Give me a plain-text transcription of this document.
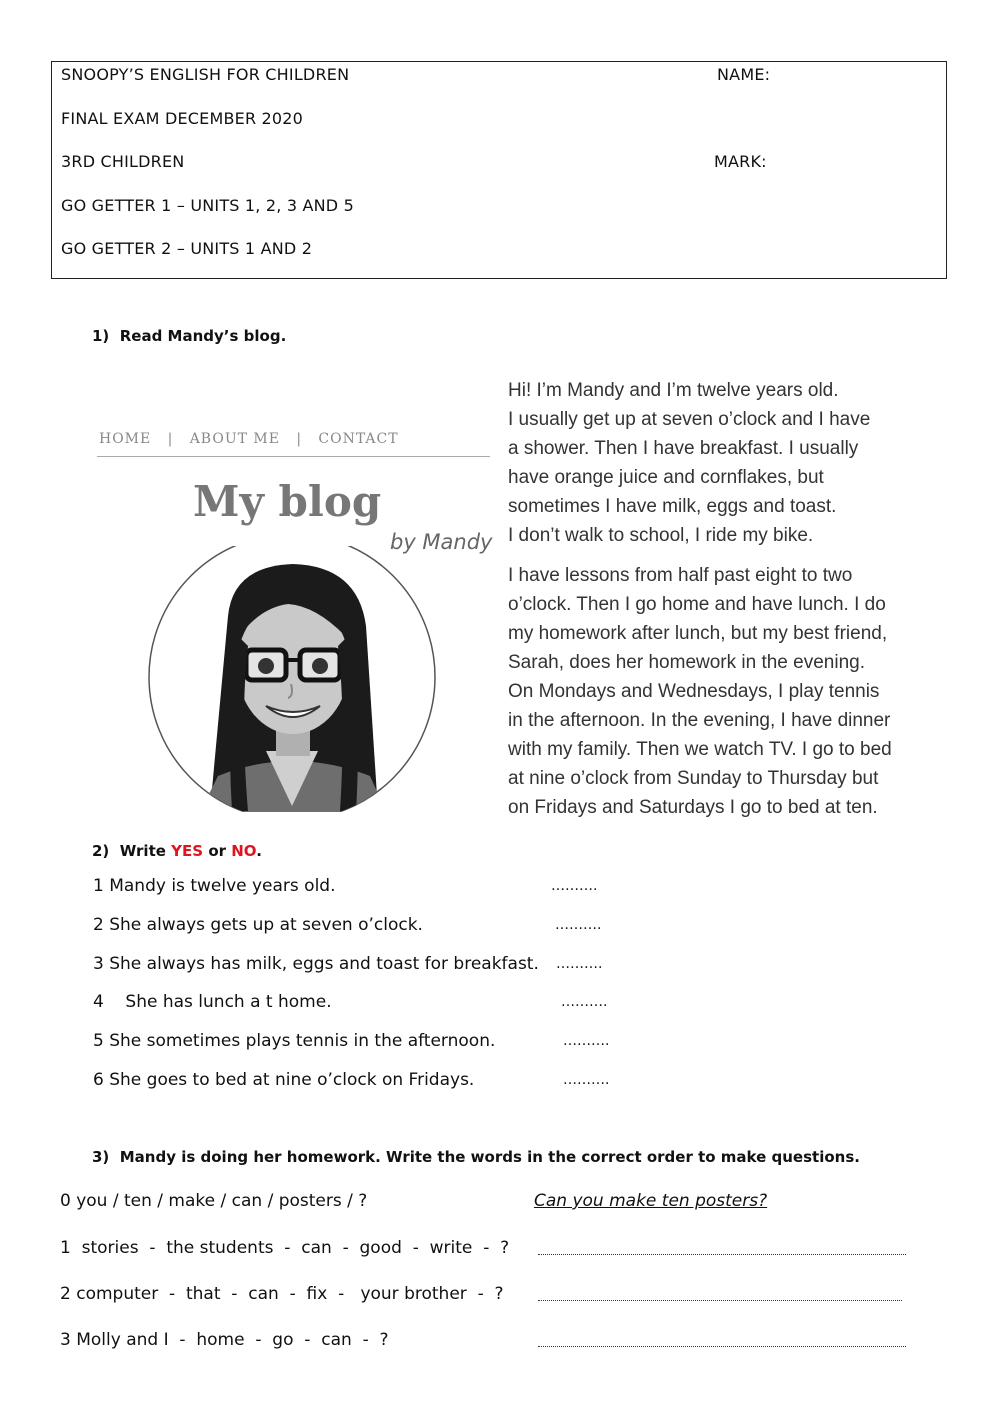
SNOOPY’S ENGLISH FOR CHILDREN	NAME:
FINAL EXAM DECEMBER 2020
3RD CHILDREN	MARK:
GO GETTER 1 – UNITS 1, 2, 3 AND 5
GO GETTER 2 – UNITS 1 AND 2
1) Read Mandy’s blog.
HOME | ABOUT ME | CONTACT
My blog
by Mandy
Hi! I’m Mandy and I’m twelve years old.
I usually get up at seven o’clock and I have
a shower. Then I have breakfast. I usually
have orange juice and cornflakes, but
sometimes I have milk, eggs and toast.
I don’t walk to school, I ride my bike.
I have lessons from half past eight to two
o’clock. Then I go home and have lunch. I do
my homework after lunch, but my best friend,
Sarah, does her homework in the evening.
On Mondays and Wednesdays, I play tennis
in the afternoon. In the evening, I have dinner
with my family. Then we watch TV. I go to bed
at nine o’clock from Sunday to Thursday but
on Fridays and Saturdays I go to bed at ten.
2) Write YES or NO.
1 Mandy is twelve years old.	……….
2 She always gets up at seven o’clock.	……….
3 She always has milk, eggs and toast for breakfast. ……….
4    She has lunch a t home.	……….
5 She sometimes plays tennis in the afternoon.	……….
6 She goes to bed at nine o’clock on Fridays.	……….
3) Mandy is doing her homework. Write the words in the correct order to make questions.
0 you / ten / make / can / posters / ?	Can you make ten posters?
1  stories  -  the students  -  can  -  good  -  write  -  ?
2 computer  -  that  -  can  -  fix  -   your brother  -  ?
3 Molly and I  -  home  -  go  -  can  -  ?
